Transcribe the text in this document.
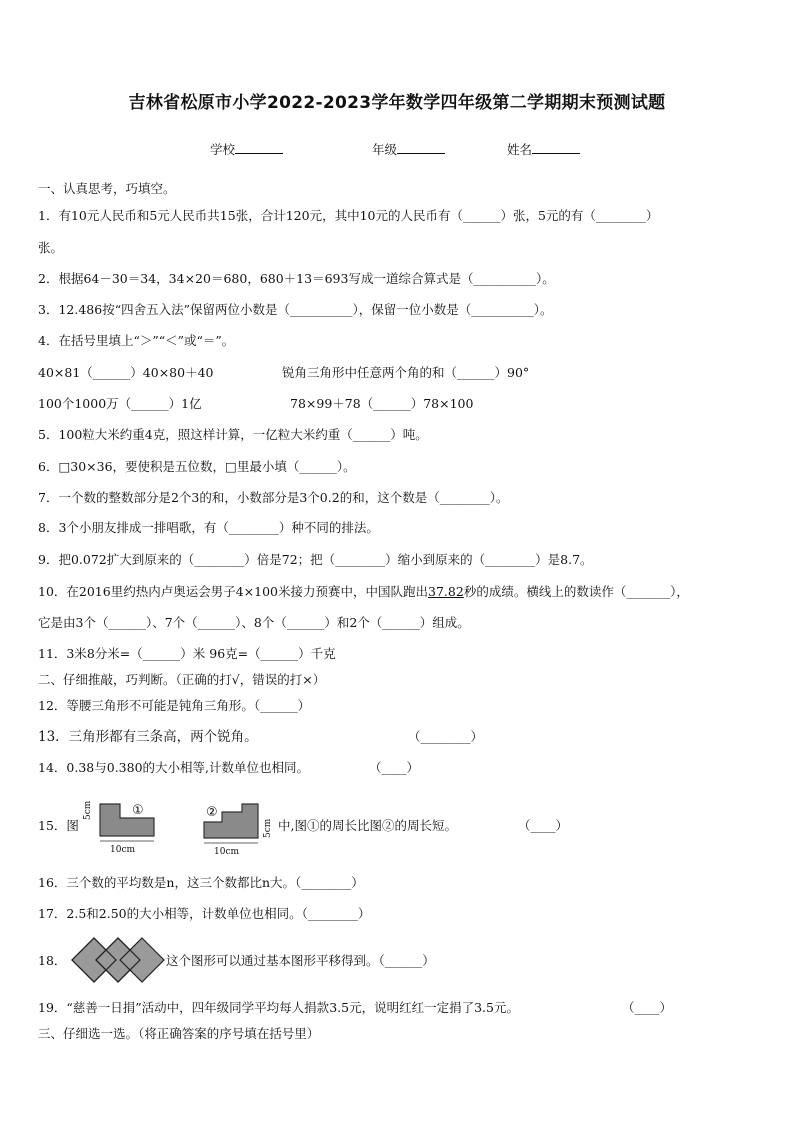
吉林省松原市小学2022-2023学年数学四年级第二学期期末预测试题
学校	年级	姓名
一、认真思考，巧填空。
1．有10元人民币和5元人民币共15张，合计120元，其中10元的人民币有（______）张，5元的有（________）
张。
2．根据64－30＝34，34×20＝680，680＋13＝693写成一道综合算式是（__________）。
3．12.486按“四舍五入法”保留两位小数是（__________），保留一位小数是（__________）。
4．在括号里填上“＞”“＜”或“＝”。
40×81（______）40×80＋40	锐角三角形中任意两个角的和（______）90°
100个1000万（______）1亿	78×99＋78（______）78×100
5．100粒大米约重4克，照这样计算，一亿粒大米约重（______）吨。
6．□30×36，要使积是五位数，□里最小填（______）。
7．一个数的整数部分是2个3的和，小数部分是3个0.2的和，这个数是（________）。
8．3个小朋友排成一排唱歌，有（________）种不同的排法。
9．把0.072扩大到原来的（________）倍是72；把（________）缩小到原来的（________）是8.7。
10．在2016里约热内卢奥运会男子4×100米接力预赛中，中国队跑出37.82秒的成绩。横线上的数读作（_______），
它是由3个（______）、7个（______）、8个（______）和2个（______）组成。
11．3米8分米=（______）米 96克=（______）千克
二、仔细推敲，巧判断。（正确的打√，错误的打×）
12．等腰三角形不可能是钝角三角形。（______）
13．三角形都有三条高，两个锐角。	（________）
14．0.38与0.380的大小相等,计数单位也相同。	（____）
15．图
①
5cm
10cm
②
5cm
10cm
中,图①的周长比图②的周长短。	（____）
16．三个数的平均数是n，这三个数都比n大。（________）
17．2.5和2.50的大小相等，计数单位也相同。（________）
18．	这个图形可以通过基本图形平移得到。（______）
19．“慈善一日捐”活动中，四年级同学平均每人捐款3.5元，说明红红一定捐了3.5元。	（____）
三、仔细选一选。（将正确答案的序号填在括号里）
